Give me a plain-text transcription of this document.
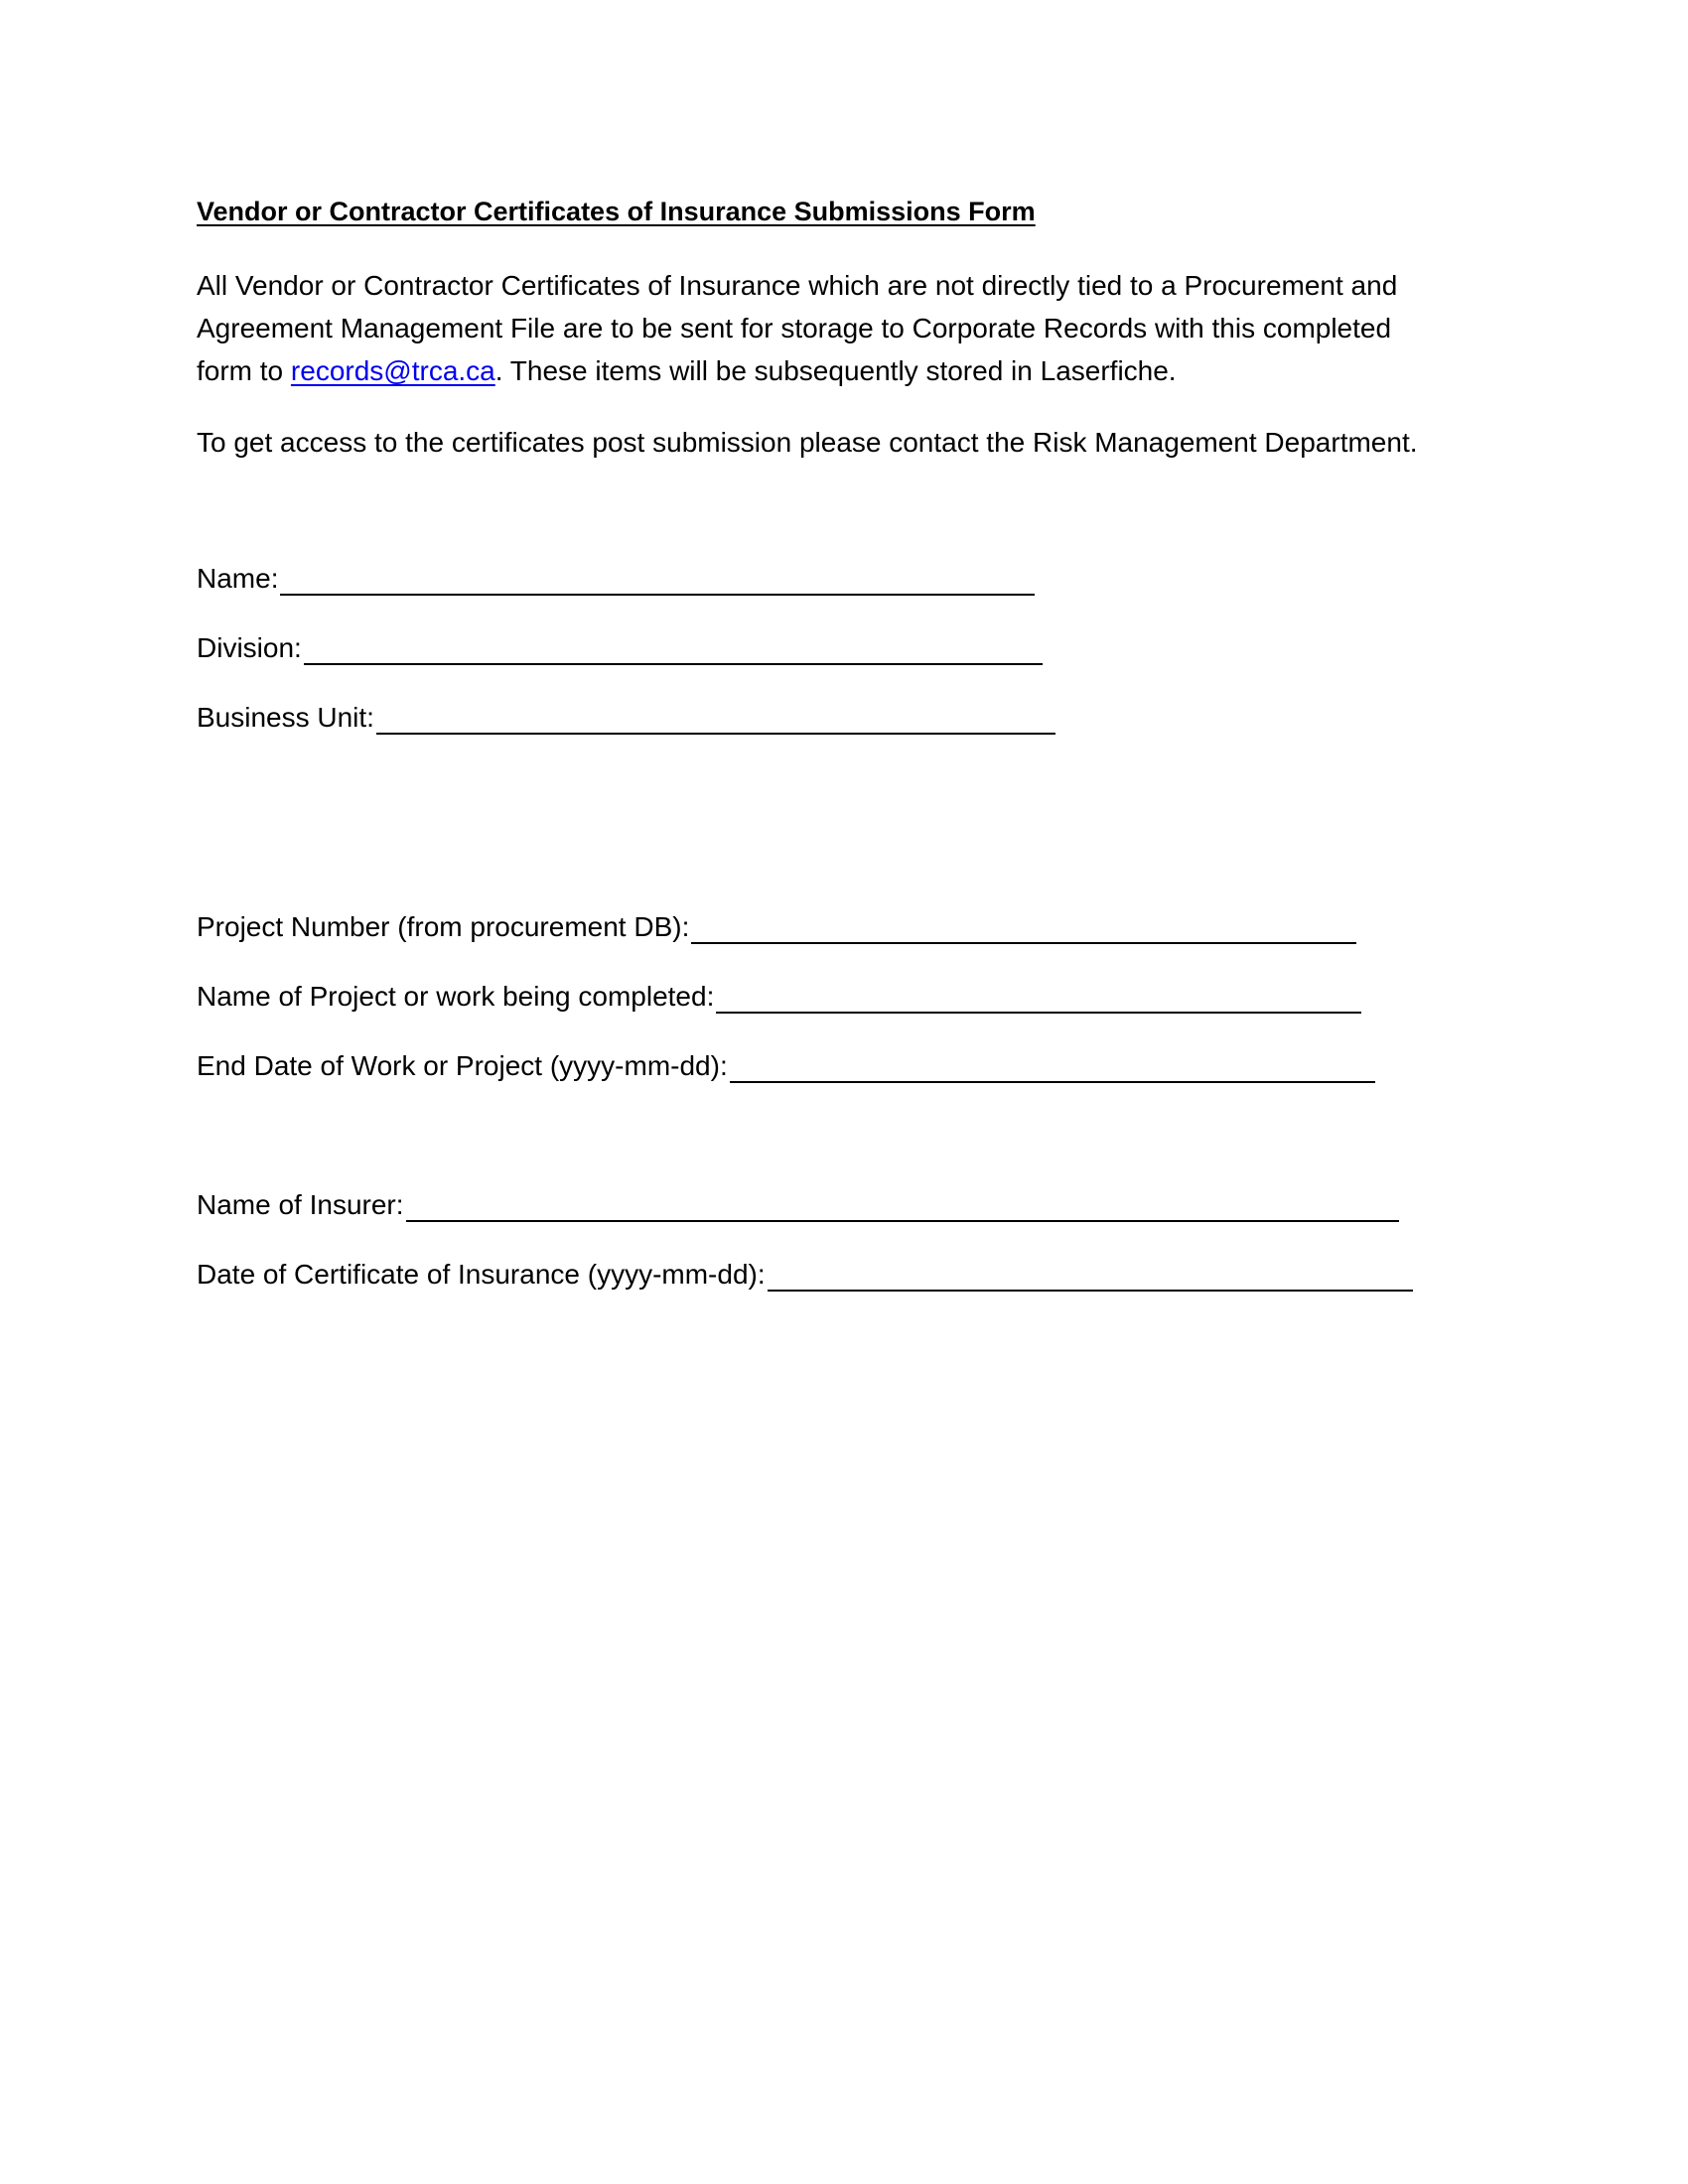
Vendor or Contractor Certificates of Insurance Submissions Form

All Vendor or Contractor Certificates of Insurance which are not directly tied to a Procurement and Agreement Management File are to be sent for storage to Corporate Records with this completed form to records@trca.ca. These items will be subsequently stored in Laserfiche.

To get access to the certificates post submission please contact the Risk Management Department.

Name:
Division:
Business Unit:
Project Number (from procurement DB):
Name of Project or work being completed:
End Date of Work or Project (yyyy-mm-dd):
Name of Insurer:
Date of Certificate of Insurance (yyyy-mm-dd):
